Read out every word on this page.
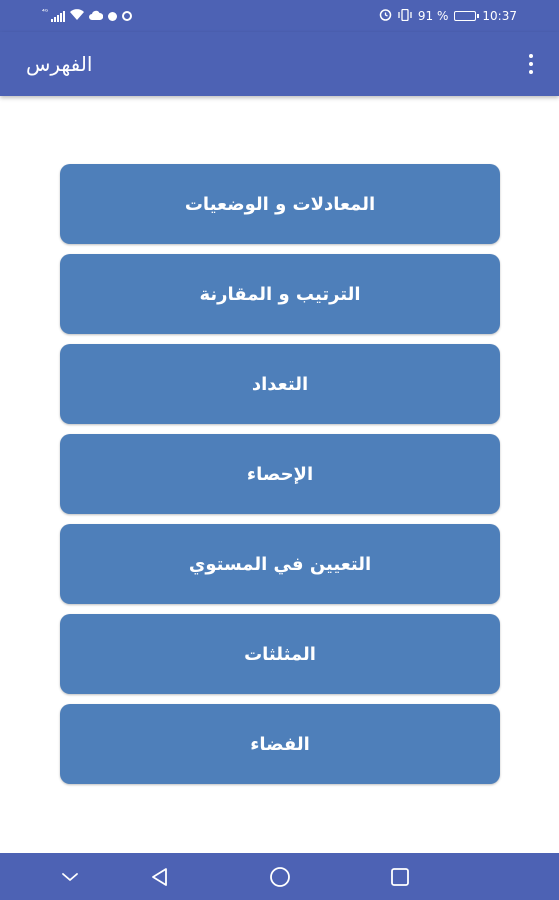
⁴ᴳ	91 %	10:37
الفهرس
المعادلات و الوضعيات
الترتيب و المقارنة
التعداد
الإحصاء
التعيين في المستوي
المثلثات
الفضاء
